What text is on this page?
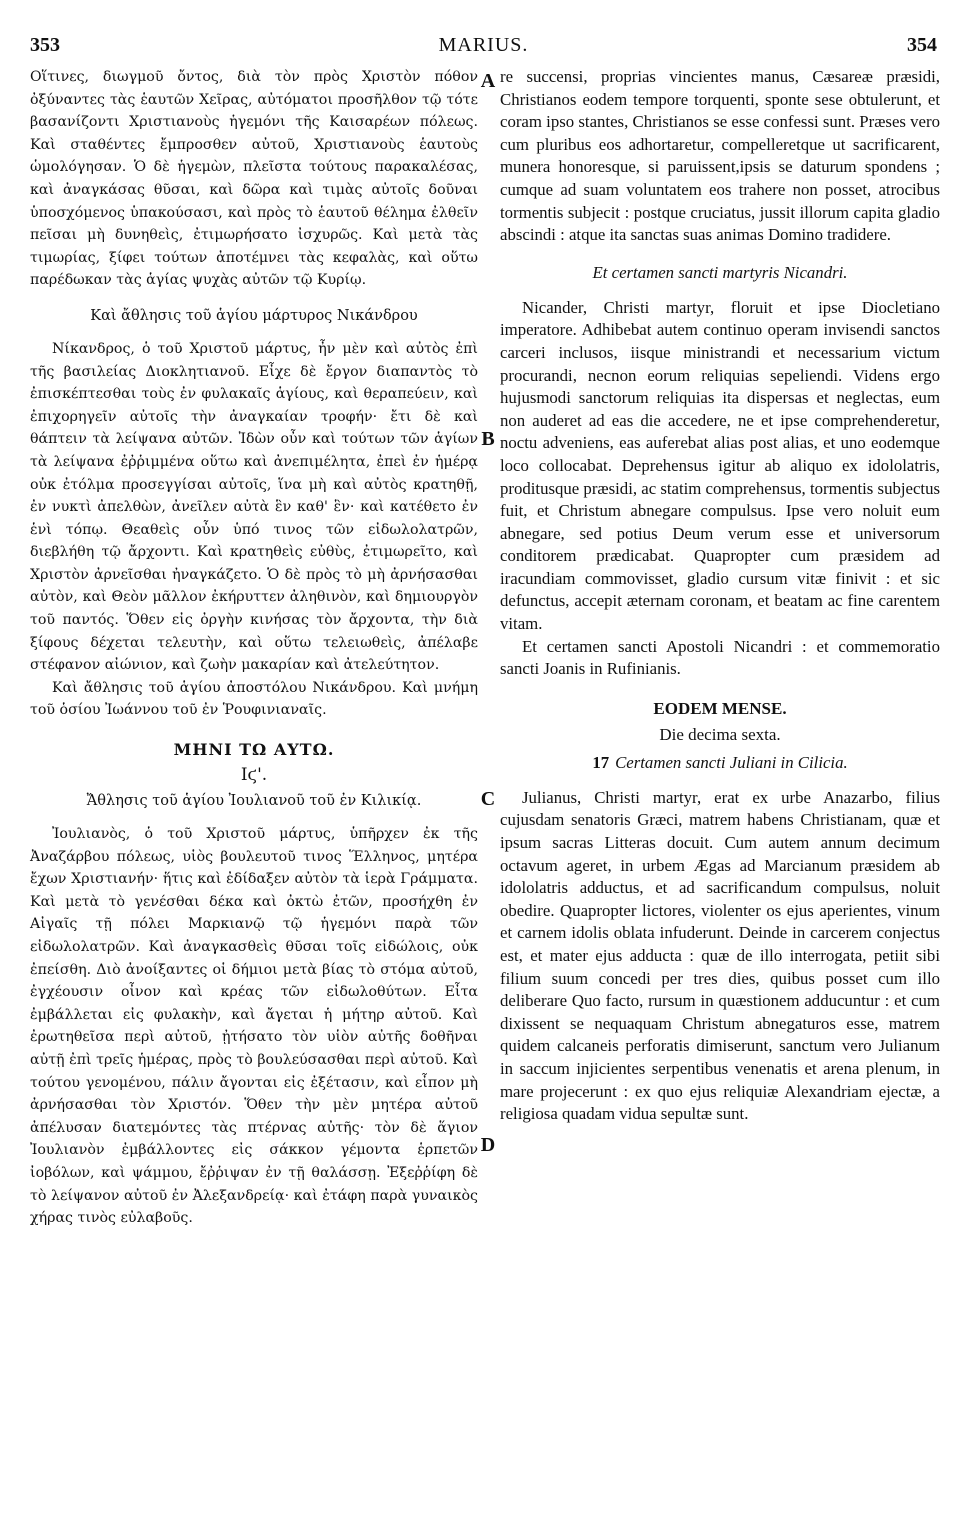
353	MARIUS.	354
A
B
C
D

Οἵτινες, διωγμοῦ ὄντος, διὰ τὸν πρὸς Χριστὸν πόθον ὀξύναντες τὰς ἑαυτῶν Χεῖρας, αὐτόματοι προσῆλθον τῷ τότε βασανίζοντι Χριστιανοὺς ἡγεμόνι τῆς Καισαρέων πόλεως. Καὶ σταθέντες ἔμπροσθεν αὐτοῦ, Χριστιανοὺς ἑαυτοὺς ὡμολόγησαν. Ὁ δὲ ἡγεμὼν, πλεῖστα τούτους παρακαλέσας, καὶ ἀναγκάσας θῦσαι, καὶ δῶρα καὶ τιμὰς αὐτοῖς δοῦναι ὑποσχόμενος ὑπακούσασι, καὶ πρὸς τὸ ἑαυτοῦ θέλημα ἐλθεῖν πεῖσαι μὴ δυνηθεὶς, ἐτιμωρήσατο ἰσχυρῶς. Καὶ μετὰ τὰς τιμωρίας, ξίφει τούτων ἀποτέμνει τὰς κεφαλὰς, καὶ οὕτω παρέδωκαν τὰς ἁγίας ψυχὰς αὐτῶν τῷ Κυρίῳ.

Καὶ ἄθλησις τοῦ ἁγίου μάρτυρος Νικάνδρου

Νίκανδρος, ὁ τοῦ Χριστοῦ μάρτυς, ἦν μὲν καὶ αὐτὸς ἐπὶ τῆς βασιλείας Διοκλητιανοῦ. Εἶχε δὲ ἔργον διαπαντὸς τὸ ἐπισκέπτεσθαι τοὺς ἐν φυλακαῖς ἁγίους, καὶ θεραπεύειν, καὶ ἐπιχορηγεῖν αὐτοῖς τὴν ἀναγκαίαν τροφήν· ἔτι δὲ καὶ θάπτειν τὰ λείψανα αὐτῶν. Ἰδὼν οὖν καὶ τούτων τῶν ἁγίων τὰ λείψανα ἐῤῥιμμένα οὕτω καὶ ἀνεπιμέλητα, ἐπεὶ ἐν ἡμέρᾳ οὐκ ἐτόλμα προσεγγίσαι αὐτοῖς, ἵνα μὴ καὶ αὐτὸς κρατηθῇ, ἐν νυκτὶ ἀπελθὼν, ἀνεῖλεν αὐτὰ ἓν καθ' ἓν· καὶ κατέθετο ἐν ἑνὶ τόπῳ. Θεαθεὶς οὖν ὑπό τινος τῶν εἰδωλολατρῶν, διεβλήθη τῷ ἄρχοντι. Καὶ κρατηθεὶς εὐθὺς, ἐτιμωρεῖτο, καὶ Χριστὸν ἀρνεῖσθαι ἠναγκάζετο. Ὁ δὲ πρὸς τὸ μὴ ἀρνήσασθαι αὐτὸν, καὶ Θεὸν μᾶλλον ἐκήρυττεν ἀληθινὸν, καὶ δημιουργὸν τοῦ παντός. Ὅθεν εἰς ὀργὴν κινήσας τὸν ἄρχοντα, τὴν διὰ ξίφους δέχεται τελευτὴν, καὶ οὕτω τελειωθεὶς, ἀπέλαβε στέφανον αἰώνιον, καὶ ζωὴν μακαρίαν καὶ ἀτελεύτητον.

Καὶ ἄθλησις τοῦ ἁγίου ἀποστόλου Νικάνδρου. Καὶ μνήμη τοῦ ὁσίου Ἰωάννου τοῦ ἐν Ῥουφινιαναῖς.

ΜΗΝΙ ΤΩ ΑΥΤΩ.
Ιϛ'.
Ἄθλησις τοῦ ἁγίου Ἰουλιανοῦ τοῦ ἐν Κιλικίᾳ.

Ἰουλιανὸς, ὁ τοῦ Χριστοῦ μάρτυς, ὑπῆρχεν ἐκ τῆς Ἀναζάρβου πόλεως, υἱὸς βουλευτοῦ τινος Ἕλληνος, μητέρα ἔχων Χριστιανήν· ἥτις καὶ ἐδίδαξεν αὐτὸν τὰ ἱερὰ Γράμματα. Καὶ μετὰ τὸ γενέσθαι δέκα καὶ ὀκτὼ ἐτῶν, προσήχθη ἐν Αἰγαῖς τῇ πόλει Μαρκιανῷ τῷ ἡγεμόνι παρὰ τῶν εἰδωλολατρῶν. Καὶ ἀναγκασθεὶς θῦσαι τοῖς εἰδώλοις, οὐκ ἐπείσθη. Διὸ ἀνοίξαντες οἱ δήμιοι μετὰ βίας τὸ στόμα αὐτοῦ, ἐγχέουσιν οἶνον καὶ κρέας τῶν εἰδωλοθύτων. Εἶτα ἐμβάλλεται εἰς φυλακὴν, καὶ ἄγεται ἡ μήτηρ αὐτοῦ. Καὶ ἐρωτηθεῖσα περὶ αὐτοῦ, ᾐτήσατο τὸν υἱὸν αὐτῆς δοθῆναι αὐτῇ ἐπὶ τρεῖς ἡμέρας, πρὸς τὸ βουλεύσασθαι περὶ αὐτοῦ. Καὶ τούτου γενομένου, πάλιν ἄγονται εἰς ἐξέτασιν, καὶ εἶπον μὴ ἀρνήσασθαι τὸν Χριστόν. Ὅθεν τὴν μὲν μητέρα αὐτοῦ ἀπέλυσαν διατεμόντες τὰς πτέρνας αὐτῆς· τὸν δὲ ἅγιον Ἰουλιανὸν ἐμβάλλοντες εἰς σάκκον γέμοντα ἑρπετῶν ἰοβόλων, καὶ ψάμμου, ἔῤῥιψαν ἐν τῇ θαλάσσῃ. Ἐξεῤῥίφη δὲ τὸ λείψανον αὐτοῦ ἐν Ἀλεξανδρείᾳ· καὶ ἐτάφη παρὰ γυναικὸς χήρας τινὸς εὐλαβοῦς.

re succensi, proprias vincientes manus, Cæsareæ præsidi, Christianos eodem tempore torquenti, sponte sese obtulerunt, et coram ipso stantes, Christianos se esse confessi sunt. Præses vero cum pluribus eos adhortaretur, compelleretque ut sacrificarent, munera honoresque, si paruissent,ipsis se daturum spondens ; cumque ad suam voluntatem eos trahere non posset, atrocibus tormentis subjecit : postque cruciatus, jussit illorum capita gladio abscindi : atque ita sanctas suas animas Domino tradidere.

Et certamen sancti martyris Nicandri.

Nicander, Christi martyr, floruit et ipse Diocletiano imperatore. Adhibebat autem continuo operam invisendi sanctos carceri inclusos, iisque ministrandi et necessarium victum procurandi, necnon eorum reliquias sepeliendi. Videns ergo hujusmodi sanctorum reliquias ita dispersas et neglectas, eum non auderet ad eas die accedere, ne et ipse comprehenderetur, noctu adveniens, eas auferebat alias post alias, et uno eodemque loco collocabat. Deprehensus igitur ab aliquo ex idololatris, proditusque præsidi, ac statim comprehensus, tormentis subjectus fuit, et Christum abnegare compulsus. Ipse vero noluit eum abnegare, sed potius Deum verum esse et universorum conditorem prædicabat. Quapropter cum præsidem ad iracundiam commovisset, gladio cursum vitæ finivit : et sic defunctus, accepit æternam coronam, et beatam ac fine carentem vitam.

Et certamen sancti Apostoli Nicandri : et commemoratio sancti Joanis in Rufinianis.

EODEM MENSE.
Die decima sexta.
17 Certamen sancti Juliani in Cilicia.

Julianus, Christi martyr, erat ex urbe Anazarbo, filius cujusdam senatoris Græci, matrem habens Christianam, quæ et ipsum sacras Litteras docuit. Cum autem annum decimum octavum ageret, in urbem Ægas ad Marcianum præsidem ab idololatris adductus, et ad sacrificandum compulsus, noluit obedire. Quapropter lictores, violenter os ejus aperientes, vinum et carnem idolis oblata infuderunt. Deinde in carcerem conjectus est, et mater ejus adducta : quæ de illo interrogata, petiit sibi filium suum concedi per tres dies, quibus posset cum illo deliberare Quo facto, rursum in quæstionem adducuntur : et cum dixissent se nequaquam Christum abnegaturos esse, matrem quidem calcaneis perforatis dimiserunt, sanctum vero Julianum in saccum injicientes serpentibus venenatis et arena plenum, in mare projecerunt : ex quo ejus reliquiæ Alexandriam ejectæ, a religiosa quadam vidua sepultæ sunt.
